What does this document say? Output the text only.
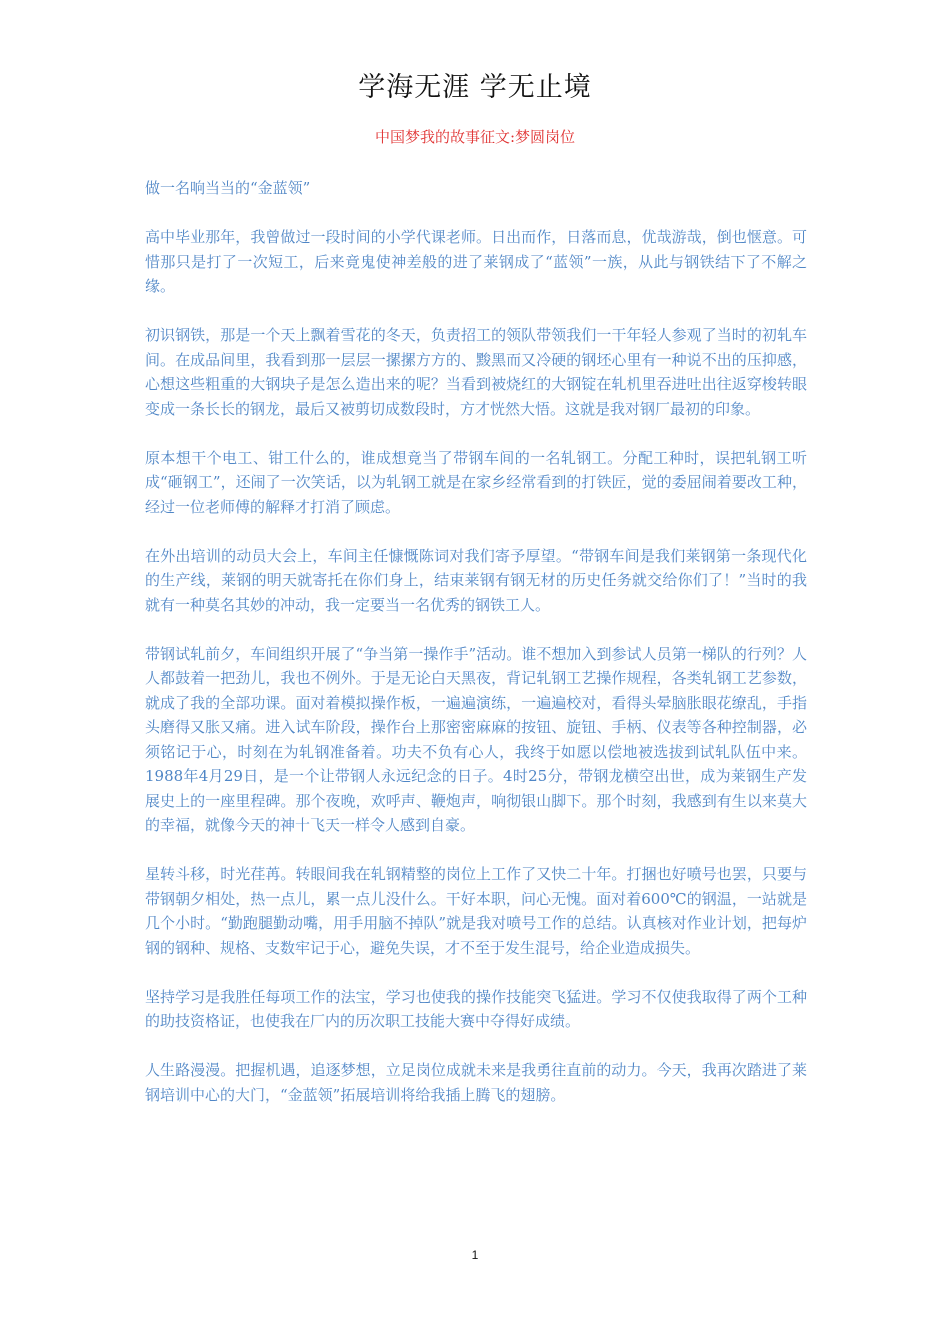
学海无涯 学无止境
中国梦我的故事征文:梦圆岗位

做一名响当当的“金蓝领”

高中毕业那年，我曾做过一段时间的小学代课老师。日出而作，日落而息，优哉游哉，倒也惬意。可惜那只是打了一次短工，后来竟鬼使神差般的进了莱钢成了“蓝领”一族，从此与钢铁结下了不解之缘。

初识钢铁，那是一个天上飘着雪花的冬天，负责招工的领队带领我们一干年轻人参观了当时的初轧车间。在成品间里，我看到那一层层一摞摞方方的、黢黑而又冷硬的钢坯心里有一种说不出的压抑感，心想这些粗重的大钢块子是怎么造出来的呢？当看到被烧红的大钢锭在轧机里吞进吐出往返穿梭转眼变成一条长长的钢龙，最后又被剪切成数段时，方才恍然大悟。这就是我对钢厂最初的印象。

原本想干个电工、钳工什么的，谁成想竟当了带钢车间的一名轧钢工。分配工种时，误把轧钢工听成“砸钢工”，还闹了一次笑话，以为轧钢工就是在家乡经常看到的打铁匠，觉的委屈闹着要改工种，经过一位老师傅的解释才打消了顾虑。

在外出培训的动员大会上，车间主任慷慨陈词对我们寄予厚望。“带钢车间是我们莱钢第一条现代化的生产线，莱钢的明天就寄托在你们身上，结束莱钢有钢无材的历史任务就交给你们了！”当时的我就有一种莫名其妙的冲动，我一定要当一名优秀的钢铁工人。

带钢试轧前夕，车间组织开展了“争当第一操作手”活动。谁不想加入到参试人员第一梯队的行列？人人都鼓着一把劲儿，我也不例外。于是无论白天黑夜，背记轧钢工艺操作规程，各类轧钢工艺参数，就成了我的全部功课。面对着模拟操作板，一遍遍演练，一遍遍校对，看得头晕脑胀眼花缭乱，手指头磨得又胀又痛。进入试车阶段，操作台上那密密麻麻的按钮、旋钮、手柄、仪表等各种控制器，必须铭记于心，时刻在为轧钢准备着。功夫不负有心人，我终于如愿以偿地被选拔到试轧队伍中来。1988年4月29日，是一个让带钢人永远纪念的日子。4时25分，带钢龙横空出世，成为莱钢生产发展史上的一座里程碑。那个夜晚，欢呼声、鞭炮声，响彻银山脚下。那个时刻，我感到有生以来莫大的幸福，就像今天的神十飞天一样令人感到自豪。

星转斗移，时光荏苒。转眼间我在轧钢精整的岗位上工作了又快二十年。打捆也好喷号也罢，只要与带钢朝夕相处，热一点儿，累一点儿没什么。干好本职，问心无愧。面对着600℃的钢温，一站就是几个小时。“勤跑腿勤动嘴，用手用脑不掉队”就是我对喷号工作的总结。认真核对作业计划，把每炉钢的钢种、规格、支数牢记于心，避免失误，才不至于发生混号，给企业造成损失。

坚持学习是我胜任每项工作的法宝，学习也使我的操作技能突飞猛进。学习不仅使我取得了两个工种的助技资格证，也使我在厂内的历次职工技能大赛中夺得好成绩。

人生路漫漫。把握机遇，追逐梦想，立足岗位成就未来是我勇往直前的动力。今天，我再次踏进了莱钢培训中心的大门，“金蓝领”拓展培训将给我插上腾飞的翅膀。

1
